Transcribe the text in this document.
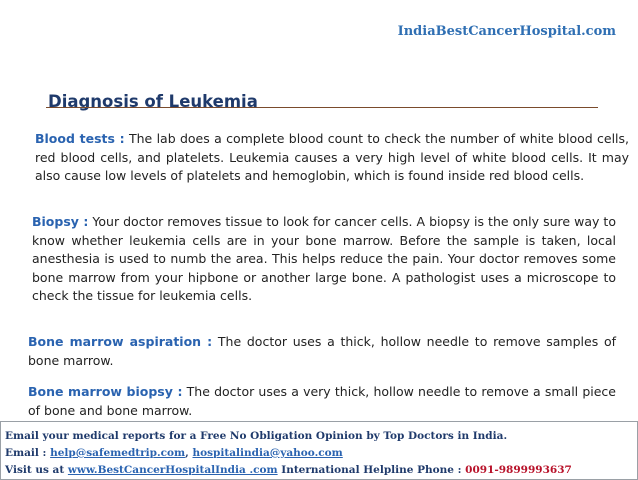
IndiaBestCancerHospital.com
Diagnosis of Leukemia
Blood tests : The lab does a complete blood count to check the number of white blood cells, red blood cells, and platelets. Leukemia causes a very high level of white blood cells. It may also cause low levels of platelets and hemoglobin, which is found inside red blood cells.
Biopsy : Your doctor removes tissue to look for cancer cells. A biopsy is the only sure way to know whether leukemia cells are in your bone marrow. Before the sample is taken, local anesthesia is used to numb the area. This helps reduce the pain. Your doctor removes some bone marrow from your hipbone or another large bone. A pathologist uses a microscope to check the tissue for leukemia cells.
Bone marrow aspiration : The doctor uses a thick, hollow needle to remove samples of bone marrow.
Bone marrow biopsy : The doctor uses a very thick, hollow needle to remove a small piece of bone and bone marrow.
Email your medical reports for a Free No Obligation Opinion by Top Doctors in India.
Email : help@safemedtrip.com, hospitalindia@yahoo.com
Visit us at www.BestCancerHospitalIndia .com International Helpline Phone : 0091-9899993637
